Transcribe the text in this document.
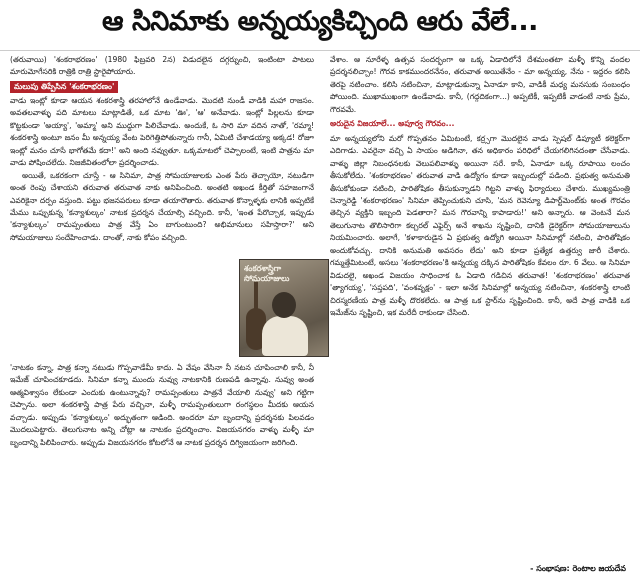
ఆ సినిమాకు అన్నయ్యకిచ్చింది ఆరు వేలే...

(తరువాయి) 'శంకరాభరణం' (1980 ఫిబ్రవరి 2న) విడుదలైన దగ్గర్నుంచి, ఇంటింటా పాటలు మారుమోగేసరికి రాత్రికి రాత్రి స్టారైపోయారు.

మలుపు తిప్పేసిన 'శంకరాభరణం'

వాడు ఇంట్లో కూడా ఆయన శంకరశాస్త్రి తరహాలోనే ఉండేవాడు. మొదటి నుండీ వాడికి మహా రాజసం. అవతలవాళ్ళు పది మాటలు మాట్లాడితే, ఒక మాట 'ఊ', 'ఆ' అనేవాడు. ఇంట్లో పిల్లలను కూడా కొట్టకుండా 'అయ్యా', 'అమ్మా' అని ముద్దుగా పిలిచేవాడు. అందుకే, ఓ సారి మా వదిన నాతో, 'రమ్మా! శంకరశాస్త్రి అంటూ జనం మీ అన్నయ్య వేంట పెరిగెత్తిపోతున్నారు గానీ, ఏమిటి చేశాడయ్యా అక్కడ! రోజూ ఇంట్లో మనం చూసే భాగోతమే కదా!' అని అంది నవ్వుతూ. ఒక్కమాటలో చెప్పాలంటే, ఇంటి పాత్రను మా వాడు పోషించలేదు. నిజజీవితంలోలా ప్రదర్శించాడు.

అయితే, ఒకరకంగా చూస్తే - ఆ సినిమా, పాత్ర సోమయాజులకు ఎంత పేరు తెచ్చాయో, నటుడిగా అంత రెంపు చేశాయని తరువాత తరువాత నాకు అనిపించింది. అంతటి అఖండ కీర్తితో సహజంగానే ఎవరికైనా దర్పం వస్తుంది. పట్టు భజనపరులు కూడా తయారౌతారు. తరువాత కొన్నాళ్ళకు లానికి అప్పటికే మేము ఒప్పుకున్న 'కన్యాశుల్కం' నాటక ప్రదర్శన చేయాల్సి వచ్చింది. కానీ, 'ఇంత పేరొచ్చాక, ఇప్పుడు 'కన్యాశుల్కం' రామప్పంతులు పాత్ర వేస్తే ఏం బాగుంటుంది? అభిమానులు సహిస్తారా?' అని సోమయాజులు సందేహించాడు. దాంతో, నాకు కోపం వచ్చింది.

'నాటకం కన్నా, పాత్ర కన్నా నటుడు గొప్పవాడేమీ కాదు. ఏ వేషం వేసినా నీ నటన చూపించాలి కానీ, నీ ఇమేజ్ చూపించకూడదు. సినిమా కన్నా ముందు నువ్వు నాటకానికి రుణపడి ఉన్నావు. నువ్వు అంత ఆత్మవిశ్వాసం లేకుండా ఎందుకు ఉంటున్నావు? రామప్పంతులు పాత్రనే వేయాలి నువ్వు' అని గట్టిగా చెప్పాను. అలా శంకరశాస్త్రి పాత్ర పేరు వచ్చినా, మళ్ళీ రామప్పంతులుగా రంగస్థలం మీదకు ఆయన వచ్చాడు. అప్పుడు 'కన్యాశుల్కం' అద్భుతంగా ఆడింది. అందరూ మా బృందాన్ని ప్రదర్శనకు పిలవడం మొదలుపెట్టారు. తెలుగునాట అన్ని చోట్లా ఆ నాటకం ప్రదర్శించాం. విజయనగరం వాళ్ళు మళ్ళీ మా బృందాన్ని పిలిపించారు. అప్పుడు విజయనగరం కోటలోనే ఆ నాటక ప్రదర్శన దిగ్విజయంగా జరిగింది.

శంకరశాస్త్రిగా సోమయాజులు

వేశాం. ఆ నూరేళ్ళ ఉత్సవ సందర్భంగా ఆ ఒక్క ఏడాదిలోనే దేశమంతటా మళ్ళీ కొన్ని వందల ప్రదర్శనలిచ్చాం! గౌరవ కాకముందరనేనం, తరువాత అయితేనేం - మా అన్నయ్య, నేను - ఇద్దరం కలిసి తెరపై నటించాం. కలిసి నటించినా, మాట్లాడుకున్నా ఏనాడూ కాని, వాడికీ మధ్య మనసుకు సంబంధం పోయింది. ముఖాముఖంగా ఉండేవాడు. కానీ, (గద్గదికంగా...) అప్పటికీ, ఇప్పటికీ వాడంటే నాకు ప్రేమ, గౌరవమే.

అరుదైన విజయాలే... అపూర్వ గౌరవం...

మా అన్నయ్యలోని మరో గొప్పతనం ఏమిటంటే, కర్ర్సగా మొదలైన వాడు స్పెషల్ డిప్యూటీ కలెక్టర్‌గా ఎదిగాడు. ఎవరైనా వచ్చి ఏ సాయం అడిగినా, తన అధికారం పరిధిలో చేయగలిగినదంతా చేసేవాడు. వాళ్ళు జిల్లా నిబంధనలకు వెలుపలివాళ్ళు అయినా సరే. కానీ, ఏనాడూ ఒక్క రూపాయి లంచం తీసుకోలేదు. 'శంకరాభరణం' తరువాత వాడి ఉద్యోగం కూడా ఇబ్బందుల్లో పడింది. ప్రభుత్వ అనుమతి తీసుకోకుండా నటించి, పారితోషికం తీసుకున్నాడని గిట్టని వాళ్ళు ఫిర్యాదులు చేశారు. ముఖ్యమంత్రి చెన్నారెడ్డి 'శంకరాభరణం' సినిమా తెప్పించుకుని చూసి, 'మన రెవెన్యూ డిపార్ట్‌మెంట్‌కు అంత గౌరవం తెచ్చిన వ్యక్తిని ఇబ్బంది పెడతారా? మన గౌరవాన్ని కాపాడారు!' అని అన్నారు. ఆ వెంటనే మన తెలుగునాట తొలిసారిగా కల్చరల్ ఎఫైర్స్ అనే శాఖను సృష్టించి, దానికి డైరెక్టర్‌గా సోమయాజులును నియమించారు. అలాగే, 'కళాకారుడైన ఏ ప్రభుత్వ ఉద్యోగి అయినా సినిమాల్లో నటించి, పారితోషికం అందుకోవచ్చు. దానికి అనుమతి అవసరం లేదు' అని కూడా ప్రత్యేక ఉత్తర్వు జారీ చేశారు. గమ్మత్తేమిటంటే, అసలు 'శంకరాభరణం'కి అన్నయ్య దక్కిన పారితోషికం కేవలం రూ. 6 వేలు. ఆ సినిమా విడుదలై, అఖండ విజయం సాధించాక ఓ ఏడాది గడిచిన తరువాత! 'శంకరాభరణం' తరువాత 'త్యాగయ్య', 'సప్తపది', 'వంశవృక్షం' - ఇలా అనేక సినిమాల్లో అన్నయ్య నటించినా, శంకరశాస్త్రి లాంటి చిరస్మరణీయ పాత్ర మళ్ళీ దొరకలేదు. ఆ పాత్ర ఒక స్టార్‌ను సృష్టించింది. కానీ, అదే పాత్ర వాడికి ఒక ఇమేజ్‌ను సృష్టించి, ఇక మరేదీ రాకుండా చేసింది.

- సంభాషణ: రెంటాల జయదేవ
